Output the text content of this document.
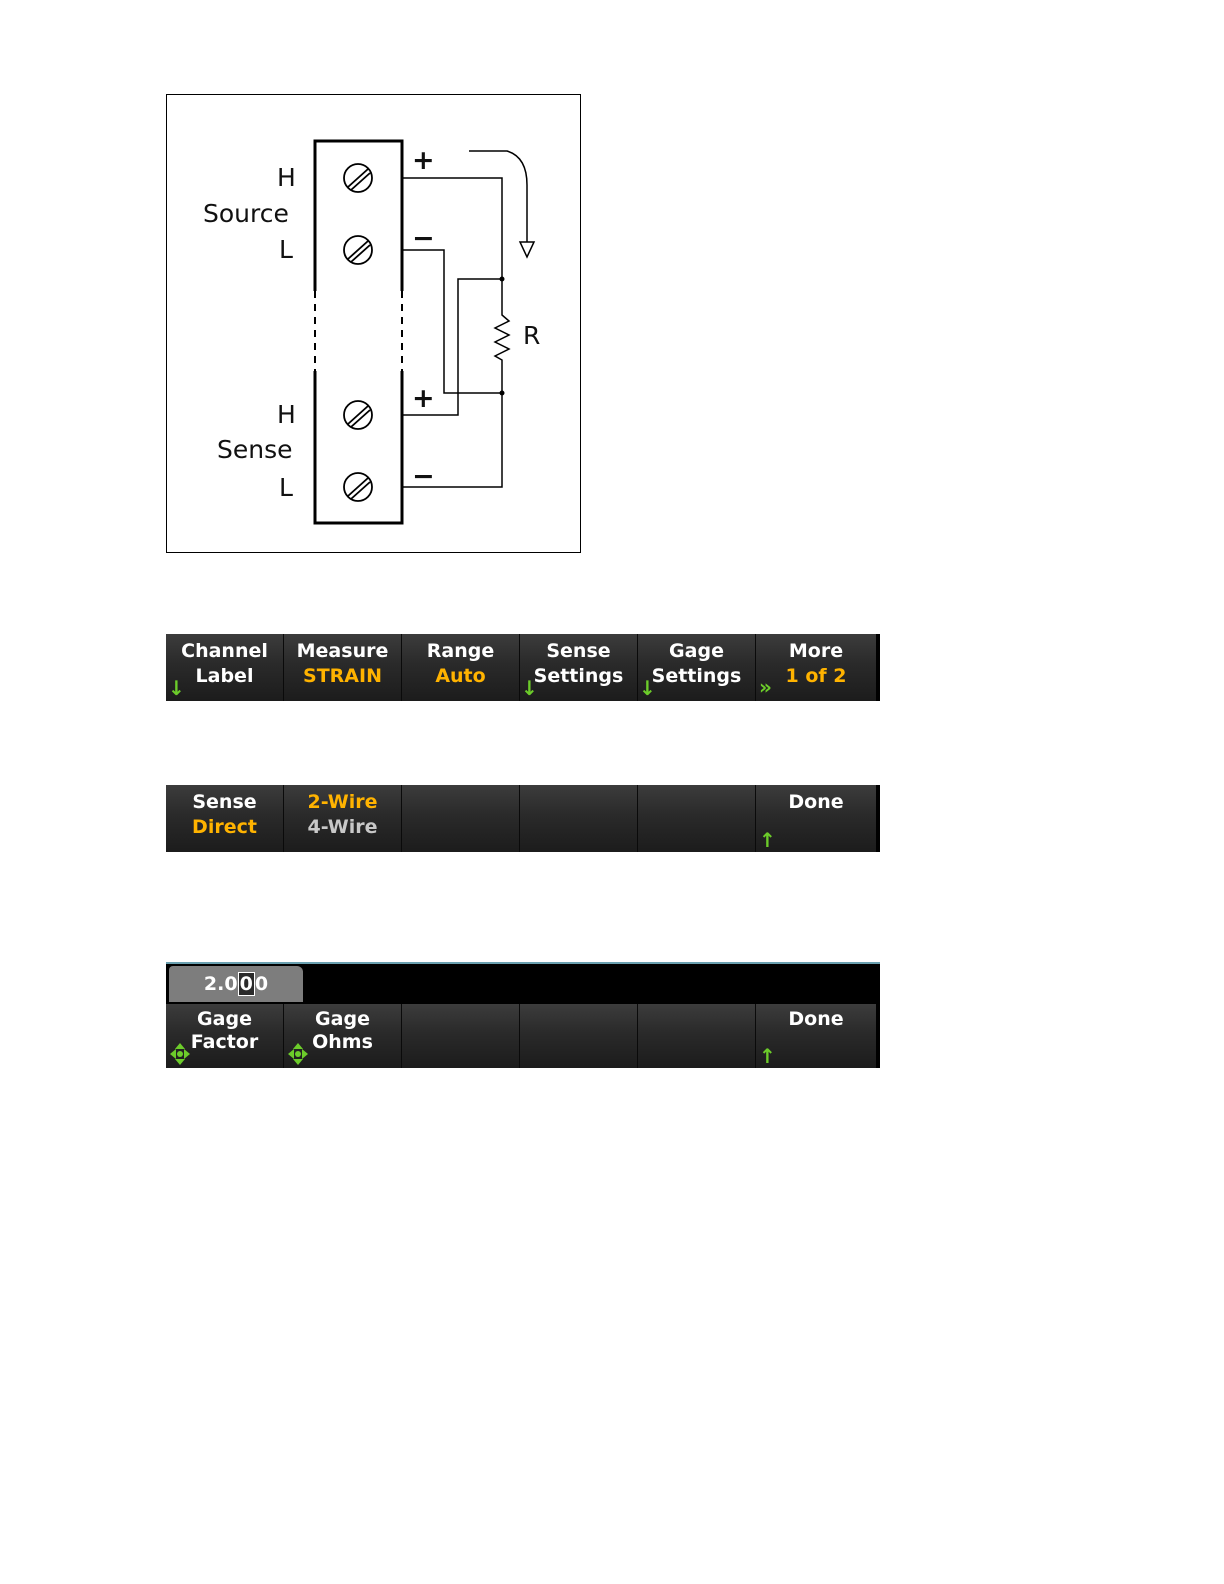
H
Source
L
H
Sense
L
+
−
+
−
R
Channel
Label
↓
Measure
STRAIN
Range
Auto
Sense
Settings
↓
Gage
Settings
↓
More
1 of 2
»
Sense
Direct
2-Wire
4-Wire
Done
↑
2.0 0 0
Gage
Factor
Gage
Ohms
Done
↑
